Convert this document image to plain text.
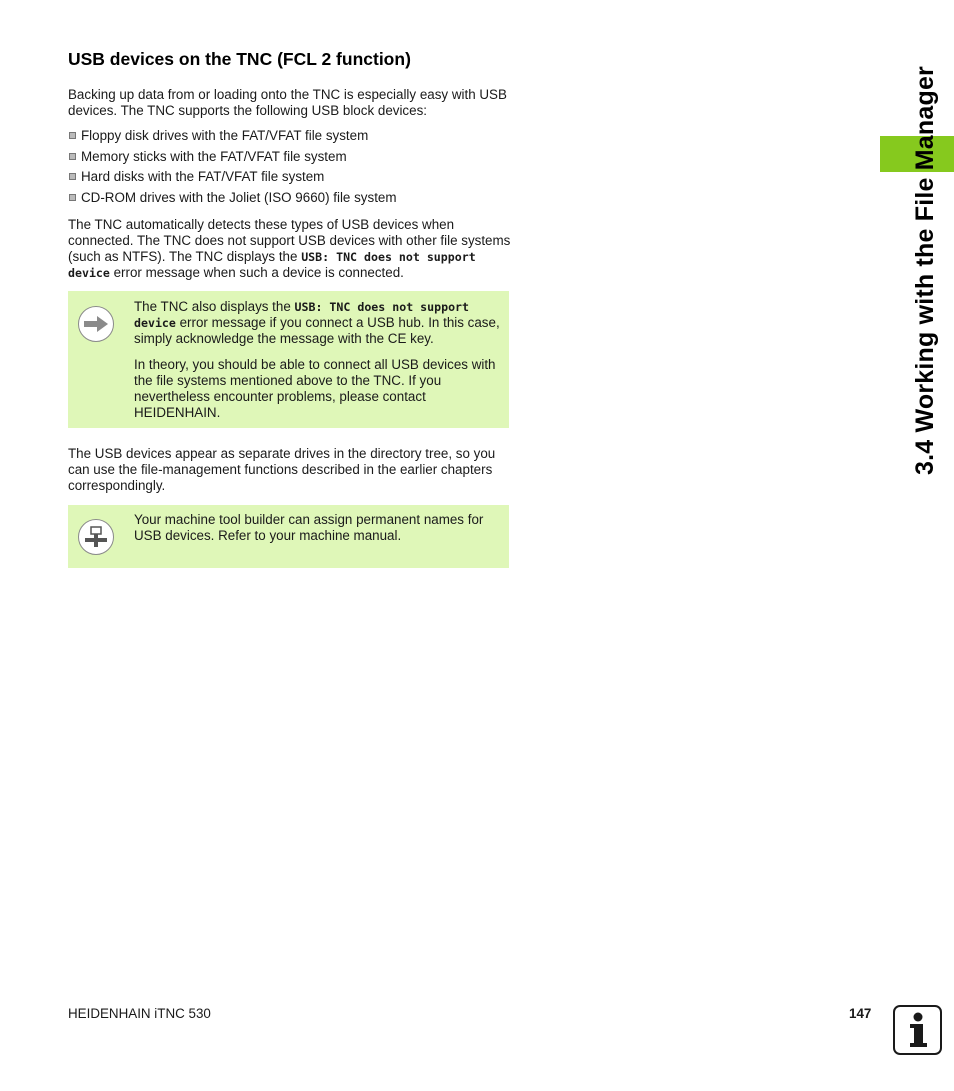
USB devices on the TNC (FCL 2 function)

Backing up data from or loading onto the TNC is especially easy with USB devices. The TNC supports the following USB block devices:

Floppy disk drives with the FAT/VFAT file system
Memory sticks with the FAT/VFAT file system
Hard disks with the FAT/VFAT file system
CD-ROM drives with the Joliet (ISO 9660) file system

The TNC automatically detects these types of USB devices when connected. The TNC does not support USB devices with other file systems (such as NTFS). The TNC displays the USB: TNC does not support device error message when such a device is connected.

The TNC also displays the USB: TNC does not support device error message if you connect a USB hub. In this case, simply acknowledge the message with the CE key.

In theory, you should be able to connect all USB devices with the file systems mentioned above to the TNC. If you nevertheless encounter problems, please contact HEIDENHAIN.

The USB devices appear as separate drives in the directory tree, so you can use the file-management functions described in the earlier chapters correspondingly.

Your machine tool builder can assign permanent names for USB devices. Refer to your machine manual.

3.4 Working with the File Manager
HEIDENHAIN iTNC 530	147
